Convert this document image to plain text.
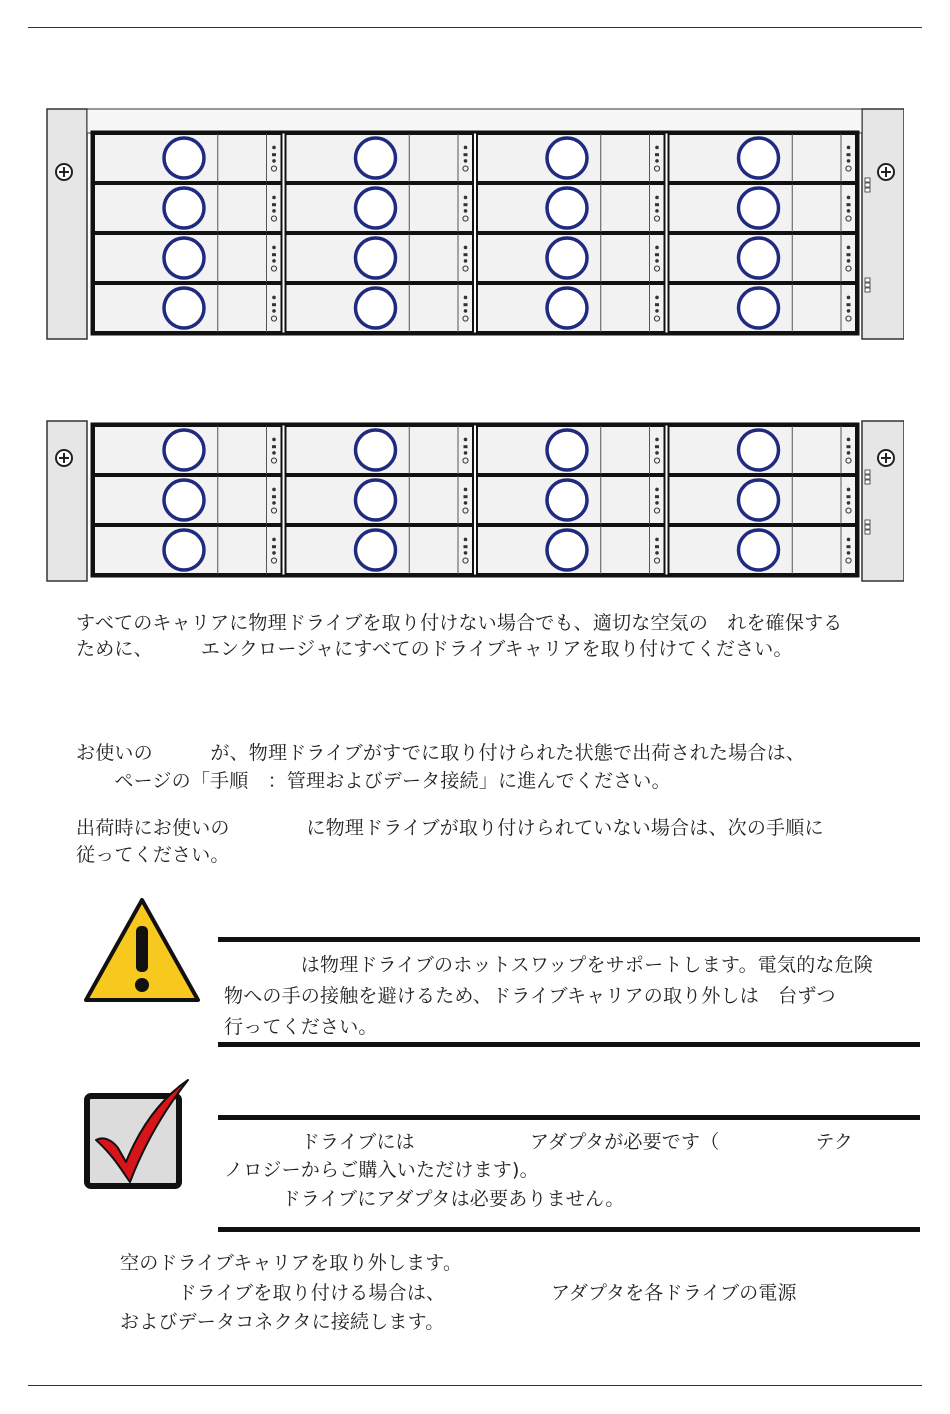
すべてのキャリアに物理ドライブを取り付けない場合でも、適切な空気の　れを確保する
ために、　　　エンクロージャにすべてのドライブキャリアを取り付けてください。
お使いの　　　が、物理ドライブがすでに取り付けられた状態で出荷された場合は、
　　ページの「手順　：管理およびデータ接続」に進んでください。
出荷時にお使いの　　　　に物理ドライブが取り付けられていない場合は、次の手順に
従ってください。
　　　　は物理ドライブのホットスワップをサポートします。電気的な危険
物への手の接触を避けるため、ドライブキャリアの取り外しは　台ずつ
行ってください。
　　　　ドライブには　　　　　　アダプタが必要です（　　　　　テク
ノロジーからご購入いただけます)。
　　　ドライブにアダプタは必要ありません。
空のドライブキャリアを取り外します。
　　　ドライブを取り付ける場合は、　　　　　　アダプタを各ドライブの電源
およびデータコネクタに接続します。
